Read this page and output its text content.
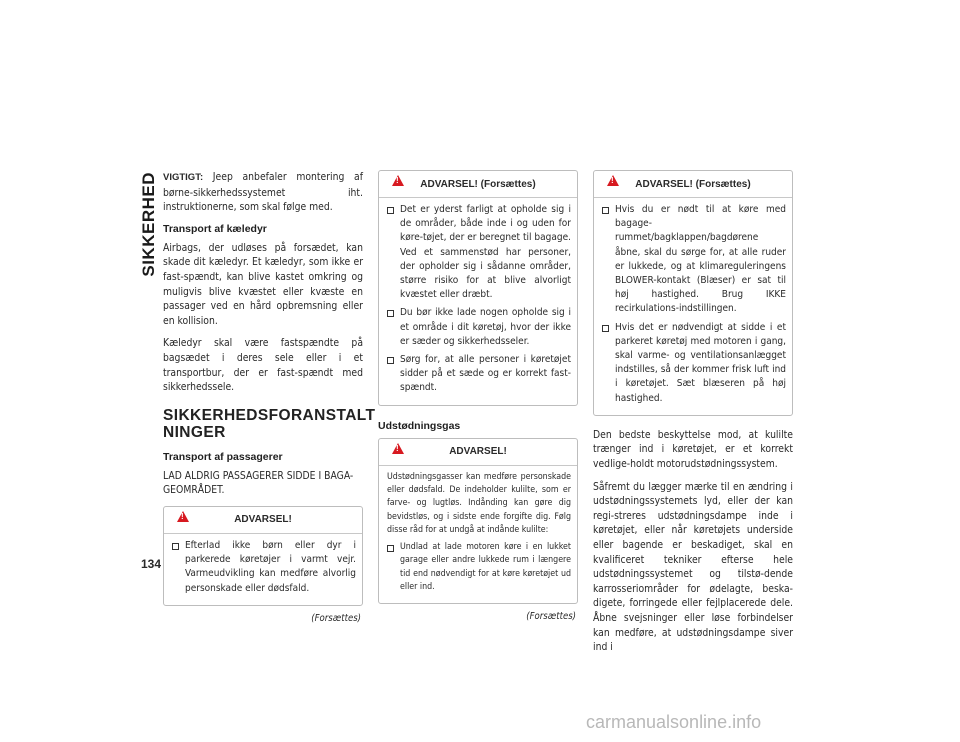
SIKKERHED VIGTIGT: Jeep anbefaler montering af børne-sikkerhedssystemet iht. instruktionerne, som skal følge med.

Transport af kæledyr

Airbags, der udløses på forsædet, kan skade dit kæledyr. Et kæledyr, som ikke er fast-spændt, kan blive kastet omkring og muligvis blive kvæstet eller kvæste en passager ved en hård opbremsning eller en kollision.

Kæledyr skal være fastspændte på bagsædet i deres sele eller i et transportbur, der er fast-spændt med sikkerhedssele.

SIKKERHEDSFORANSTALT NINGER
Transport af passagerer

LAD ALDRIG PASSAGERER SIDDE I BAGA-GEOMRÅDET.

!
ADVARSEL!
Efterlad ikke børn eller dyr i parkerede køretøjer i varmt vejr. Varmeudvikling kan medføre alvorlig personskade eller dødsfald.

(Forsættes)

!
ADVARSEL! (Forsættes)
Det er yderst farligt at opholde sig i de områder, både inde i og uden for køre-tøjet, der er beregnet til bagage. Ved et sammenstød har personer, der opholder sig i sådanne områder, større risiko for at blive alvorligt kvæstet eller dræbt.
Du bør ikke lade nogen opholde sig i et område i dit køretøj, hvor der ikke er sæder og sikkerhedsseler.
Sørg for, at alle personer i køretøjet sidder på et sæde og er korrekt fast-spændt.
Udstødningsgas
!
ADVARSEL!

Udstødningsgasser kan medføre personskade eller dødsfald. De indeholder kulilte, som er farve- og lugtløs. Indånding kan gøre dig bevidstløs, og i sidste ende forgifte dig. Følg disse råd for at undgå at indånde kulilte:

Undlad at lade motoren køre i en lukket garage eller andre lukkede rum i længere tid end nødvendigt for at køre køretøjet ud eller ind.

(Forsættes)

!
ADVARSEL! (Forsættes)
Hvis du er nødt til at køre med bagage-rummet/bagklappen/bagdørene åbne, skal du sørge for, at alle ruder er lukkede, og at klimareguleringens BLOWER-kontakt (Blæser) er sat til høj hastighed. Brug IKKE recirkulations-indstillingen.
Hvis det er nødvendigt at sidde i et parkeret køretøj med motoren i gang, skal varme- og ventilationsanlægget indstilles, så der kommer frisk luft ind i køretøjet. Sæt blæseren på høj hastighed.

Den bedste beskyttelse mod, at kulilte trænger ind i køretøjet, er et korrekt vedlige-holdt motorudstødningssystem.

Såfremt du lægger mærke til en ændring i udstødningssystemets lyd, eller der kan regi-streres udstødningsdampe inde i køretøjet, eller når køretøjets underside eller bagende er beskadiget, skal en kvalificeret tekniker efterse hele udstødningssystemet og tilstø-dende karrosseriområder for ødelagte, beska-digete, forringede eller fejlplacerede dele. Åbne svejsninger eller løse forbindelser kan medføre, at udstødningsdampe siver ind i

134
carmanualsonline.info
